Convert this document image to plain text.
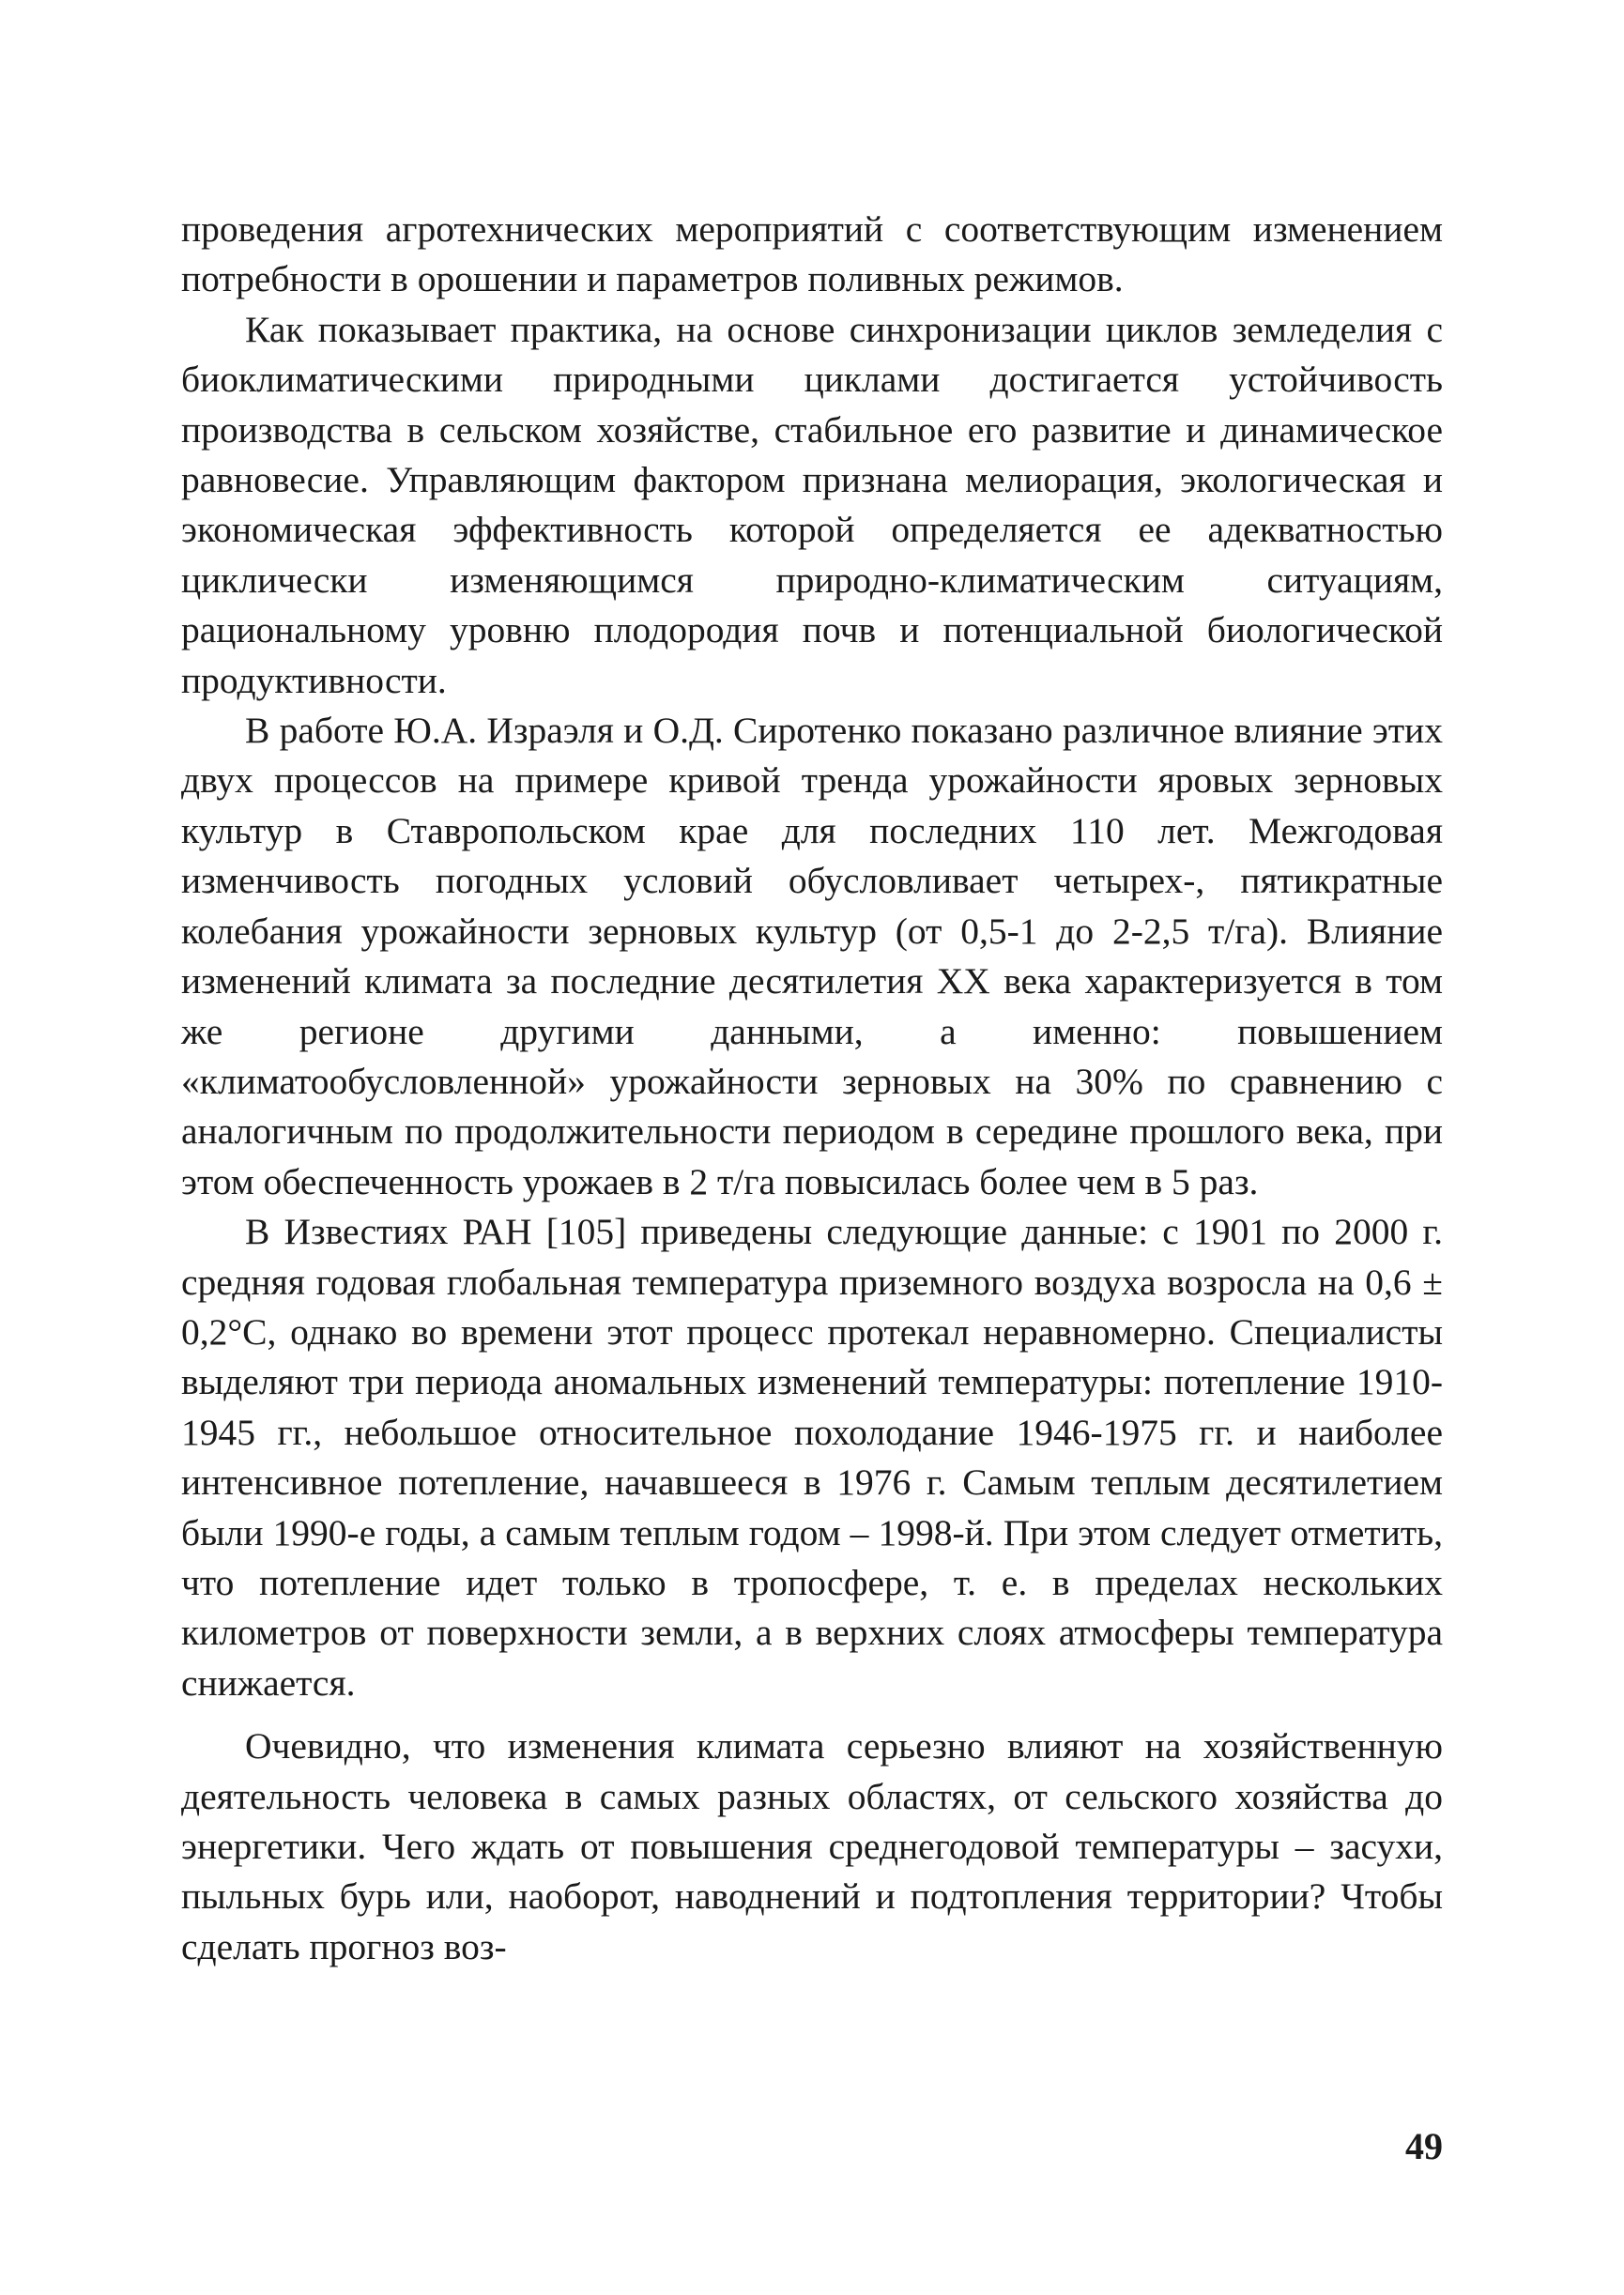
проведения агротехнических мероприятий с соответствующим изменением потребности в орошении и параметров поливных режимов.

Как показывает практика, на основе синхронизации циклов земледелия с биоклиматическими природными циклами достигается устойчивость производства в сельском хозяйстве, стабильное его развитие и динамическое равновесие. Управляющим фактором признана мелиорация, экологическая и экономическая эффективность которой определяется ее адекватностью циклически изменяющимся природно-климатическим ситуациям, рациональному уровню плодородия почв и потенциальной биологической продуктивности.

В работе Ю.А. Израэля и О.Д. Сиротенко показано различное влияние этих двух процессов на примере кривой тренда урожайности яровых зерновых культур в Ставропольском крае для последних 110 лет. Межгодовая изменчивость погодных условий обусловливает четырех-, пятикратные колебания урожайности зерновых культур (от 0,5-1 до 2-2,5 т/га). Влияние изменений климата за последние десятилетия XX века характеризуется в том же регионе другими данными, а именно: повышением «климатообусловленной» урожайности зерновых на 30% по сравнению с аналогичным по продолжительности периодом в середине прошлого века, при этом обеспеченность урожаев в 2 т/га повысилась более чем в 5 раз.

В Известиях РАН [105] приведены следующие данные: с 1901 по 2000 г. средняя годовая глобальная температура приземного воздуха возросла на 0,6 ± 0,2°С, однако во времени этот процесс протекал неравномерно. Специалисты выделяют три периода аномальных изменений температуры: потепление 1910-1945 гг., небольшое относительное похолодание 1946-1975 гг. и наиболее интенсивное потепление, начавшееся в 1976 г. Самым теплым десятилетием были 1990-е годы, а самым теплым годом – 1998-й. При этом следует отметить, что потепление идет только в тропосфере, т. е. в пределах нескольких километров от поверхности земли, а в верхних слоях атмосферы температура снижается.

Очевидно, что изменения климата серьезно влияют на хозяйственную деятельность человека в самых разных областях, от сельского хозяйства до энергетики. Чего ждать от повышения среднегодовой температуры – засухи, пыльных бурь или, наоборот, наводнений и подтопления территории? Чтобы сделать прогноз воз-

49
